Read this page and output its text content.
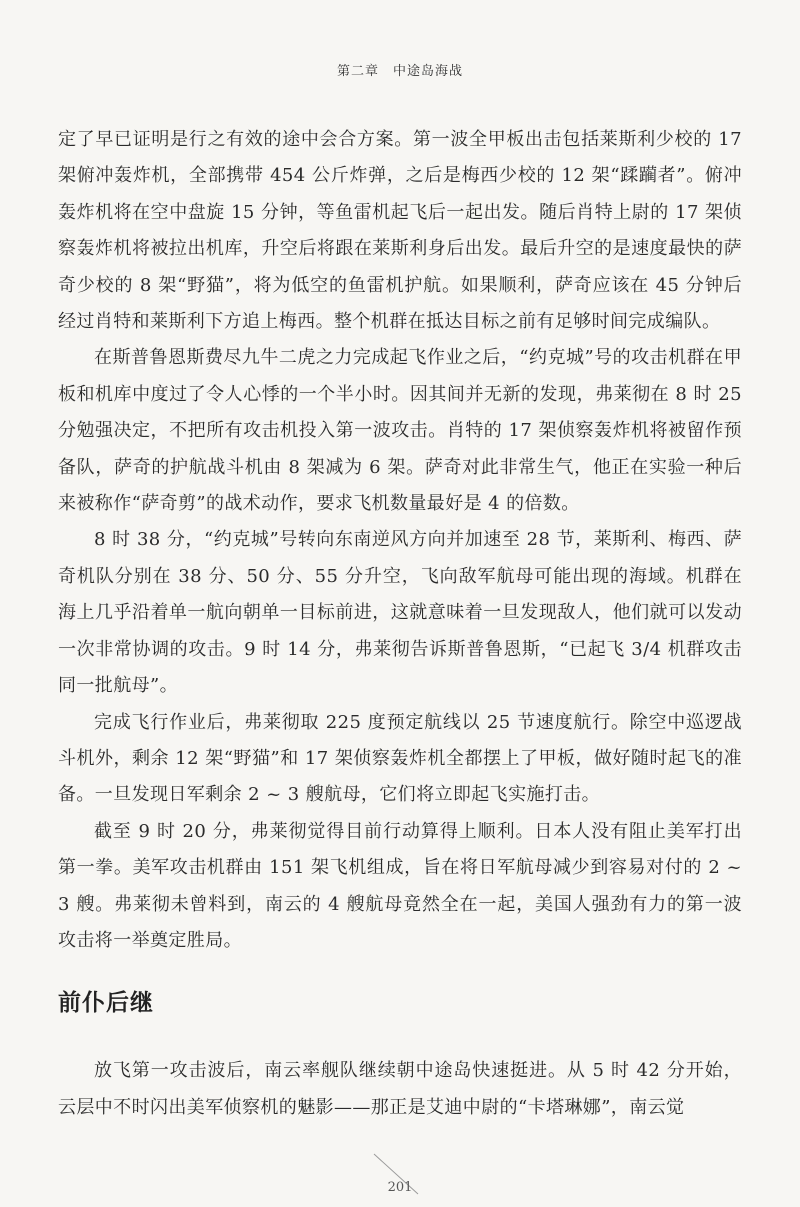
第二章　中途岛海战

定了早已证明是行之有效的途中会合方案。第一波全甲板出击包括莱斯利少校的 17 架俯冲轰炸机，全部携带 454 公斤炸弹，之后是梅西少校的 12 架“蹂躏者”。俯冲轰炸机将在空中盘旋 15 分钟，等鱼雷机起飞后一起出发。随后肖特上尉的 17 架侦察轰炸机将被拉出机库，升空后将跟在莱斯利身后出发。最后升空的是速度最快的萨奇少校的 8 架“野猫”，将为低空的鱼雷机护航。如果顺利，萨奇应该在 45 分钟后经过肖特和莱斯利下方追上梅西。整个机群在抵达目标之前有足够时间完成编队。

在斯普鲁恩斯费尽九牛二虎之力完成起飞作业之后，“约克城”号的攻击机群在甲板和机库中度过了令人心悸的一个半小时。因其间并无新的发现，弗莱彻在 8 时 25 分勉强决定，不把所有攻击机投入第一波攻击。肖特的 17 架侦察轰炸机将被留作预备队，萨奇的护航战斗机由 8 架减为 6 架。萨奇对此非常生气，他正在实验一种后来被称作“萨奇剪”的战术动作，要求飞机数量最好是 4 的倍数。

8 时 38 分，“约克城”号转向东南逆风方向并加速至 28 节，莱斯利、梅西、萨奇机队分别在 38 分、50 分、55 分升空，飞向敌军航母可能出现的海域。机群在海上几乎沿着单一航向朝单一目标前进，这就意味着一旦发现敌人，他们就可以发动一次非常协调的攻击。9 时 14 分，弗莱彻告诉斯普鲁恩斯，“已起飞 3/4 机群攻击同一批航母”。

完成飞行作业后，弗莱彻取 225 度预定航线以 25 节速度航行。除空中巡逻战斗机外，剩余 12 架“野猫”和 17 架侦察轰炸机全都摆上了甲板，做好随时起飞的准备。一旦发现日军剩余 2 ~ 3 艘航母，它们将立即起飞实施打击。

截至 9 时 20 分，弗莱彻觉得目前行动算得上顺利。日本人没有阻止美军打出第一拳。美军攻击机群由 151 架飞机组成，旨在将日军航母减少到容易对付的 2 ~ 3 艘。弗莱彻未曾料到，南云的 4 艘航母竟然全在一起，美国人强劲有力的第一波攻击将一举奠定胜局。

前仆后继

放飞第一攻击波后，南云率舰队继续朝中途岛快速挺进。从 5 时 42 分开始，云层中不时闪出美军侦察机的魅影——那正是艾迪中尉的“卡塔琳娜”，南云觉

201
